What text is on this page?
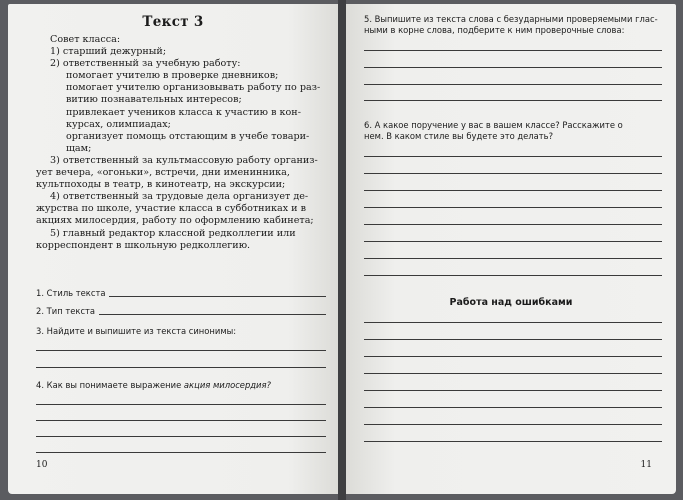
Текст 3

Совет класса:

1) старший дежурный;

2) ответственный за учебную работу:

помогает учителю в проверке дневников;

помогает учителю организовывать работу по раз-

витию познавательных интересов;

привлекает учеников класса к участию в кон-

курсах, олимпиадах;

организует помощь отстающим в учебе товари-

щам;

3) ответственный за культмассовую работу организ-

ует вечера, «огоньки», встречи, дни именинника,

культпоходы в театр, в кинотеатр, на экскурсии;

4) ответственный за трудовые дела организует де-

журства по школе, участие класса в субботниках и в

акциях милосердия, работу по оформлению кабинета;

5) главный редактор классной редколлегии или

корреспондент в школьную редколлегию.

1. Стиль текста
2. Тип текста
3. Найдите и выпишите из текста синонимы:
4. Как вы понимаете выражение акция милосердия?
10
5. Выпишите из текста слова с безударными проверяемыми глас-
ными в корне слова, подберите к ним проверочные слова:
6. А какое поручение у вас в вашем классе? Расскажите о
нем. В каком стиле вы будете это делать?
Работа над ошибками
11
